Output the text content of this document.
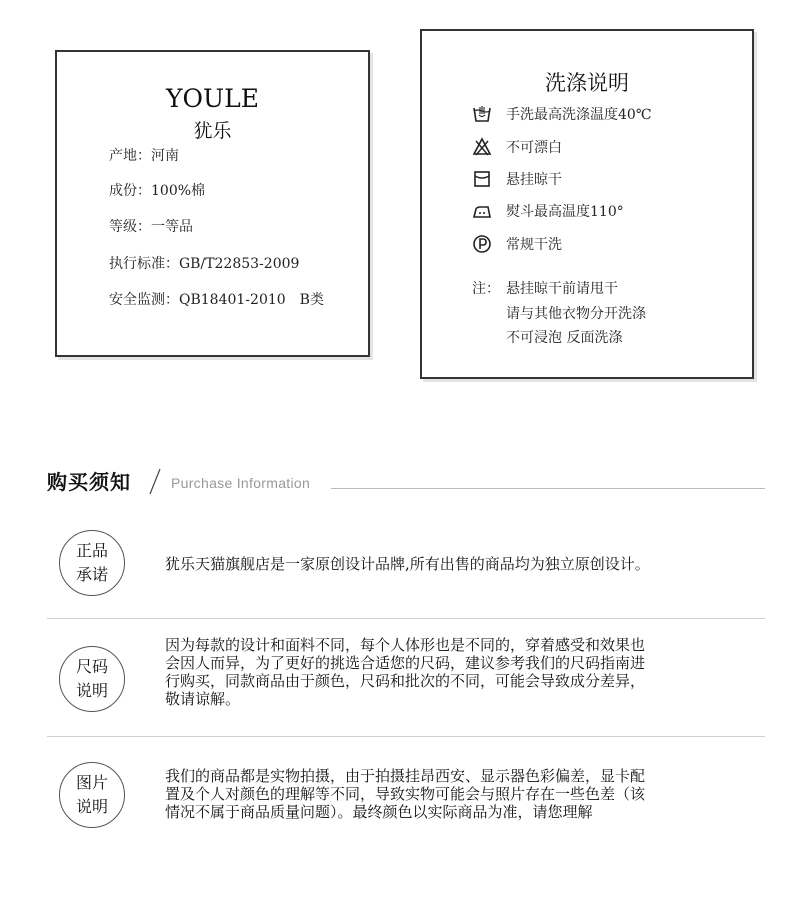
YOULE
犹乐
产地：河南
成份：100%棉
等级：一等品
执行标准：GB/T22853-2009
安全监测：QB18401-2010　B类
洗涤说明
手洗最高洗涤温度40℃
不可漂白
悬挂晾干
熨斗最高温度110°
常规干洗
注： 悬挂晾干前请甩干
请与其他衣物分开洗涤
不可浸泡 反面洗涤
购买须知	Purchase Information
正品
承诺
犹乐天猫旗舰店是一家原创设计品牌,所有出售的商品均为独立原创设计。
尺码
说明
因为每款的设计和面料不同，每个人体形也是不同的，穿着感受和效果也
会因人而异，为了更好的挑选合适您的尺码，建议参考我们的尺码指南进
行购买，同款商品由于颜色，尺码和批次的不同，可能会导致成分差异，
敬请谅解。
图片
说明
我们的商品都是实物拍摄，由于拍摄挂昂西安、显示器色彩偏差，显卡配
置及个人对颜色的理解等不同，导致实物可能会与照片存在一些色差（该
情况不属于商品质量问题）。最终颜色以实际商品为准，请您理解
